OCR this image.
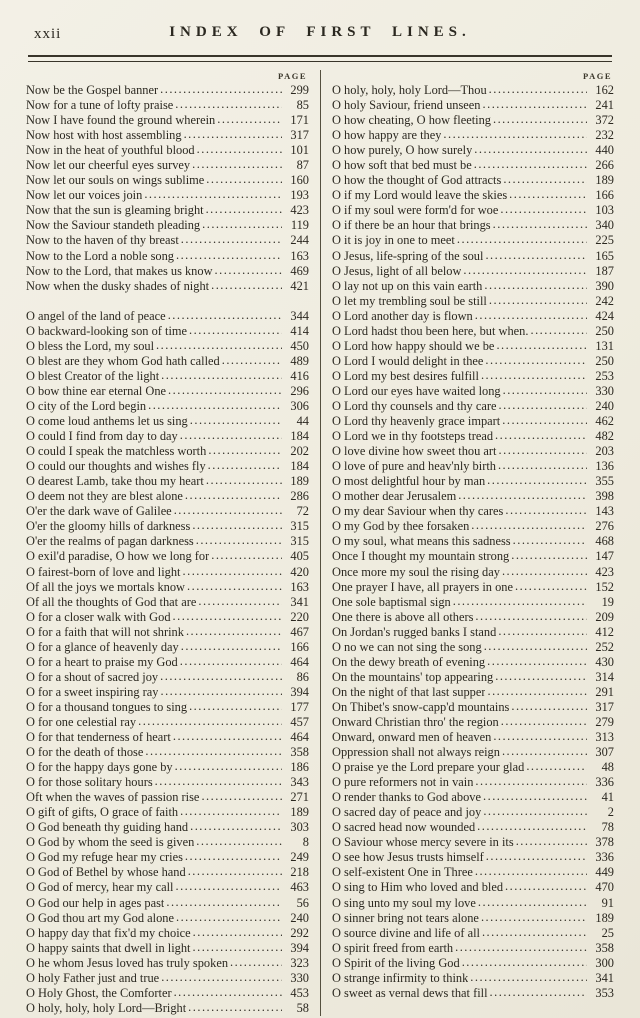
xxii	INDEX OF FIRST LINES.
PAGE
Now be the Gospel banner .....	299
Now for a tune of lofty praise .....	85
Now I have found the ground wherein .....	171
Now host with host assembling .....	317
Now in the heat of youthful blood .....	101
Now let our cheerful eyes survey .....	87
Now let our souls on wings sublime .....	160
Now let our voices join .....	193
Now that the sun is gleaming bright .....	423
Now the Saviour standeth pleading .....	119
Now to the haven of thy breast .....	244
Now to the Lord a noble song .....	163
Now to the Lord, that makes us know .....	469
Now when the dusky shades of night .....	421
O angel of the land of peace .....	344
O backward-looking son of time .....	414
O bless the Lord, my soul .....	450
O blest are they whom God hath called .....	489
O blest Creator of the light .....	416
O bow thine ear eternal One .....	296
O city of the Lord begin .....	306
O come loud anthems let us sing .....	44
O could I find from day to day .....	184
O could I speak the matchless worth .....	202
O could our thoughts and wishes fly .....	184
O dearest Lamb, take thou my heart .....	189
O deem not they are blest alone .....	286
O'er the dark wave of Galilee .....	72
O'er the gloomy hills of darkness .....	315
O'er the realms of pagan darkness .....	315
O exil'd paradise, O how we long for .....	405
O fairest-born of love and light .....	420
Of all the joys we mortals know .....	163
Of all the thoughts of God that are .....	341
O for a closer walk with God .....	220
O for a faith that will not shrink .....	467
O for a glance of heavenly day .....	166
O for a heart to praise my God .....	464
O for a shout of sacred joy .....	86
O for a sweet inspiring ray .....	394
O for a thousand tongues to sing .....	177
O for one celestial ray .....	457
O for that tenderness of heart .....	464
O for the death of those .....	358
O for the happy days gone by .....	186
O for those solitary hours .....	343
Oft when the waves of passion rise .....	271
O gift of gifts, O grace of faith .....	189
O God beneath thy guiding hand .....	303
O God by whom the seed is given .....	8
O God my refuge hear my cries .....	249
O God of Bethel by whose hand .....	218
O God of mercy, hear my call .....	463
O God our help in ages past .....	56
O God thou art my God alone .....	240
O happy day that fix'd my choice .....	292
O happy saints that dwell in light .....	394
O he whom Jesus loved has truly spoken .....	323
O holy Father just and true .....	330
O Holy Ghost, the Comforter .....	453
O holy, holy, holy Lord—Bright .....	58
PAGE
O holy, holy, holy Lord—Thou .....	162
O holy Saviour, friend unseen .....	241
O how cheating, O how fleeting .....	372
O how happy are they .....	232
O how purely, O how surely .....	440
O how soft that bed must be .....	266
O how the thought of God attracts .....	189
O if my Lord would leave the skies .....	166
O if my soul were form'd for woe .....	103
O if there be an hour that brings .....	340
O it is joy in one to meet .....	225
O Jesus, life-spring of the soul .....	165
O Jesus, light of all below .....	187
O lay not up on this vain earth .....	390
O let my trembling soul be still .....	242
O Lord another day is flown .....	424
O Lord hadst thou been here, but when. .....	250
O Lord how happy should we be .....	131
O Lord I would delight in thee .....	250
O Lord my best desires fulfill .....	253
O Lord our eyes have waited long .....	330
O Lord thy counsels and thy care .....	240
O Lord thy heavenly grace impart .....	462
O Lord we in thy footsteps tread .....	482
O love divine how sweet thou art .....	203
O love of pure and heav'nly birth .....	136
O most delightful hour by man .....	355
O mother dear Jerusalem .....	398
O my dear Saviour when thy cares .....	143
O my God by thee forsaken .....	276
O my soul, what means this sadness .....	468
Once I thought my mountain strong .....	147
Once more my soul the rising day .....	423
One prayer I have, all prayers in one .....	152
One sole baptismal sign .....	19
One there is above all others .....	209
On Jordan's rugged banks I stand .....	412
O no we can not sing the song .....	252
On the dewy breath of evening .....	430
On the mountains' top appearing .....	314
On the night of that last supper .....	291
On Thibet's snow-capp'd mountains .....	317
Onward Christian thro' the region .....	279
Onward, onward men of heaven .....	313
Oppression shall not always reign .....	307
O praise ye the Lord prepare your glad .....	48
O pure reformers not in vain .....	336
O render thanks to God above .....	41
O sacred day of peace and joy .....	2
O sacred head now wounded .....	78
O Saviour whose mercy severe in its .....	378
O see how Jesus trusts himself .....	336
O self-existent One in Three .....	449
O sing to Him who loved and bled .....	470
O sing unto my soul my love .....	91
O sinner bring not tears alone .....	189
O source divine and life of all .....	25
O spirit freed from earth .....	358
O Spirit of the living God .....	300
O strange infirmity to think .....	341
O sweet as vernal dews that fill .....	353
